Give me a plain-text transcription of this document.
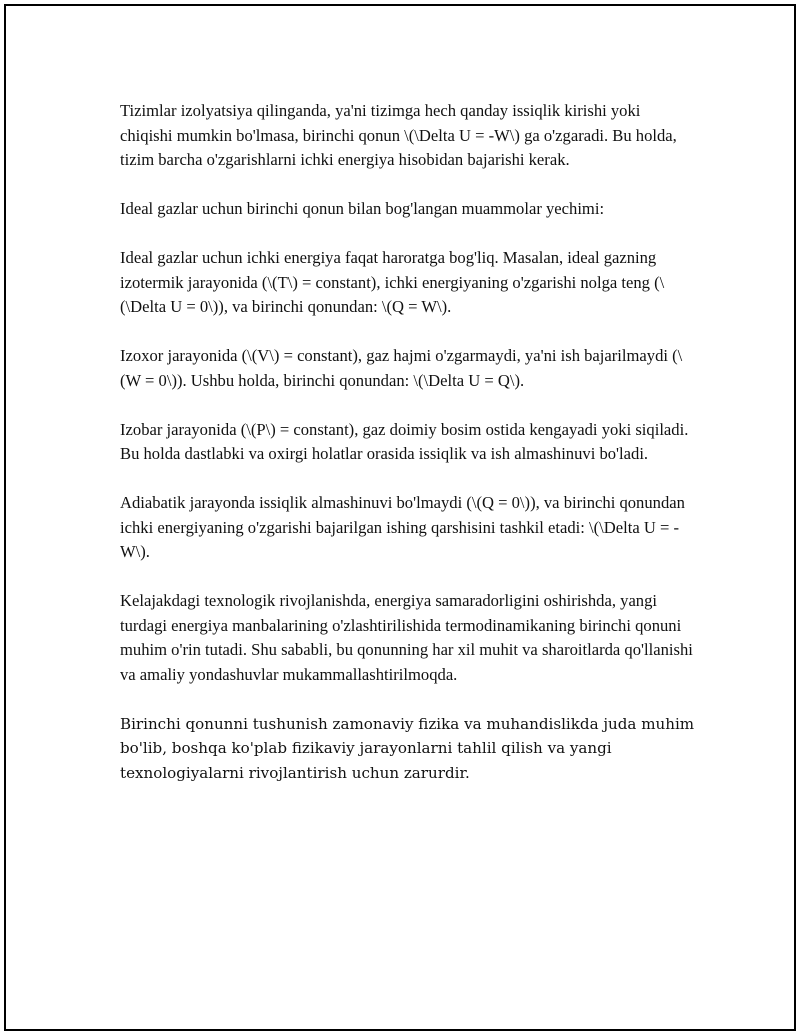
Tizimlar izolyatsiya qilinganda, ya'ni tizimga hech qanday issiqlik kirishi yoki chiqishi mumkin bo'lmasa, birinchi qonun \(\Delta U = -W\) ga o'zgaradi. Bu holda, tizim barcha o'zgarishlarni ichki energiya hisobidan bajarishi kerak.

Ideal gazlar uchun birinchi qonun bilan bog'langan muammolar yechimi:

Ideal gazlar uchun ichki energiya faqat haroratga bog'liq. Masalan, ideal gazning izotermik jarayonida (\(T\) = constant), ichki energiyaning o'zgarishi nolga teng (\(\Delta U = 0\)), va birinchi qonundan: \(Q = W\).

Izoxor jarayonida (\(V\) = constant), gaz hajmi o'zgarmaydi, ya'ni ish bajarilmaydi (\(W = 0\)). Ushbu holda, birinchi qonundan: \(\Delta U = Q\).

Izobar jarayonida (\(P\) = constant), gaz doimiy bosim ostida kengayadi yoki siqiladi. Bu holda dastlabki va oxirgi holatlar orasida issiqlik va ish almashinuvi bo'ladi.

Adiabatik jarayonda issiqlik almashinuvi bo'lmaydi (\(Q = 0\)), va birinchi qonundan ichki energiyaning o'zgarishi bajarilgan ishing qarshisini tashkil etadi: \(\Delta U = -W\).

Kelajakdagi texnologik rivojlanishda, energiya samaradorligini oshirishda, yangi turdagi energiya manbalarining o'zlashtirilishida termodinamikaning birinchi qonuni muhim o'rin tutadi. Shu sababli, bu qonunning har xil muhit va sharoitlarda qo'llanishi va amaliy yondashuvlar mukammallashtirilmoqda.

Birinchi qonunni tushunish zamonaviy fizika va muhandislikda juda muhim bo'lib, boshqa ko'plab fizikaviy jarayonlarni tahlil qilish va yangi texnologiyalarni rivojlantirish uchun zarurdir.
